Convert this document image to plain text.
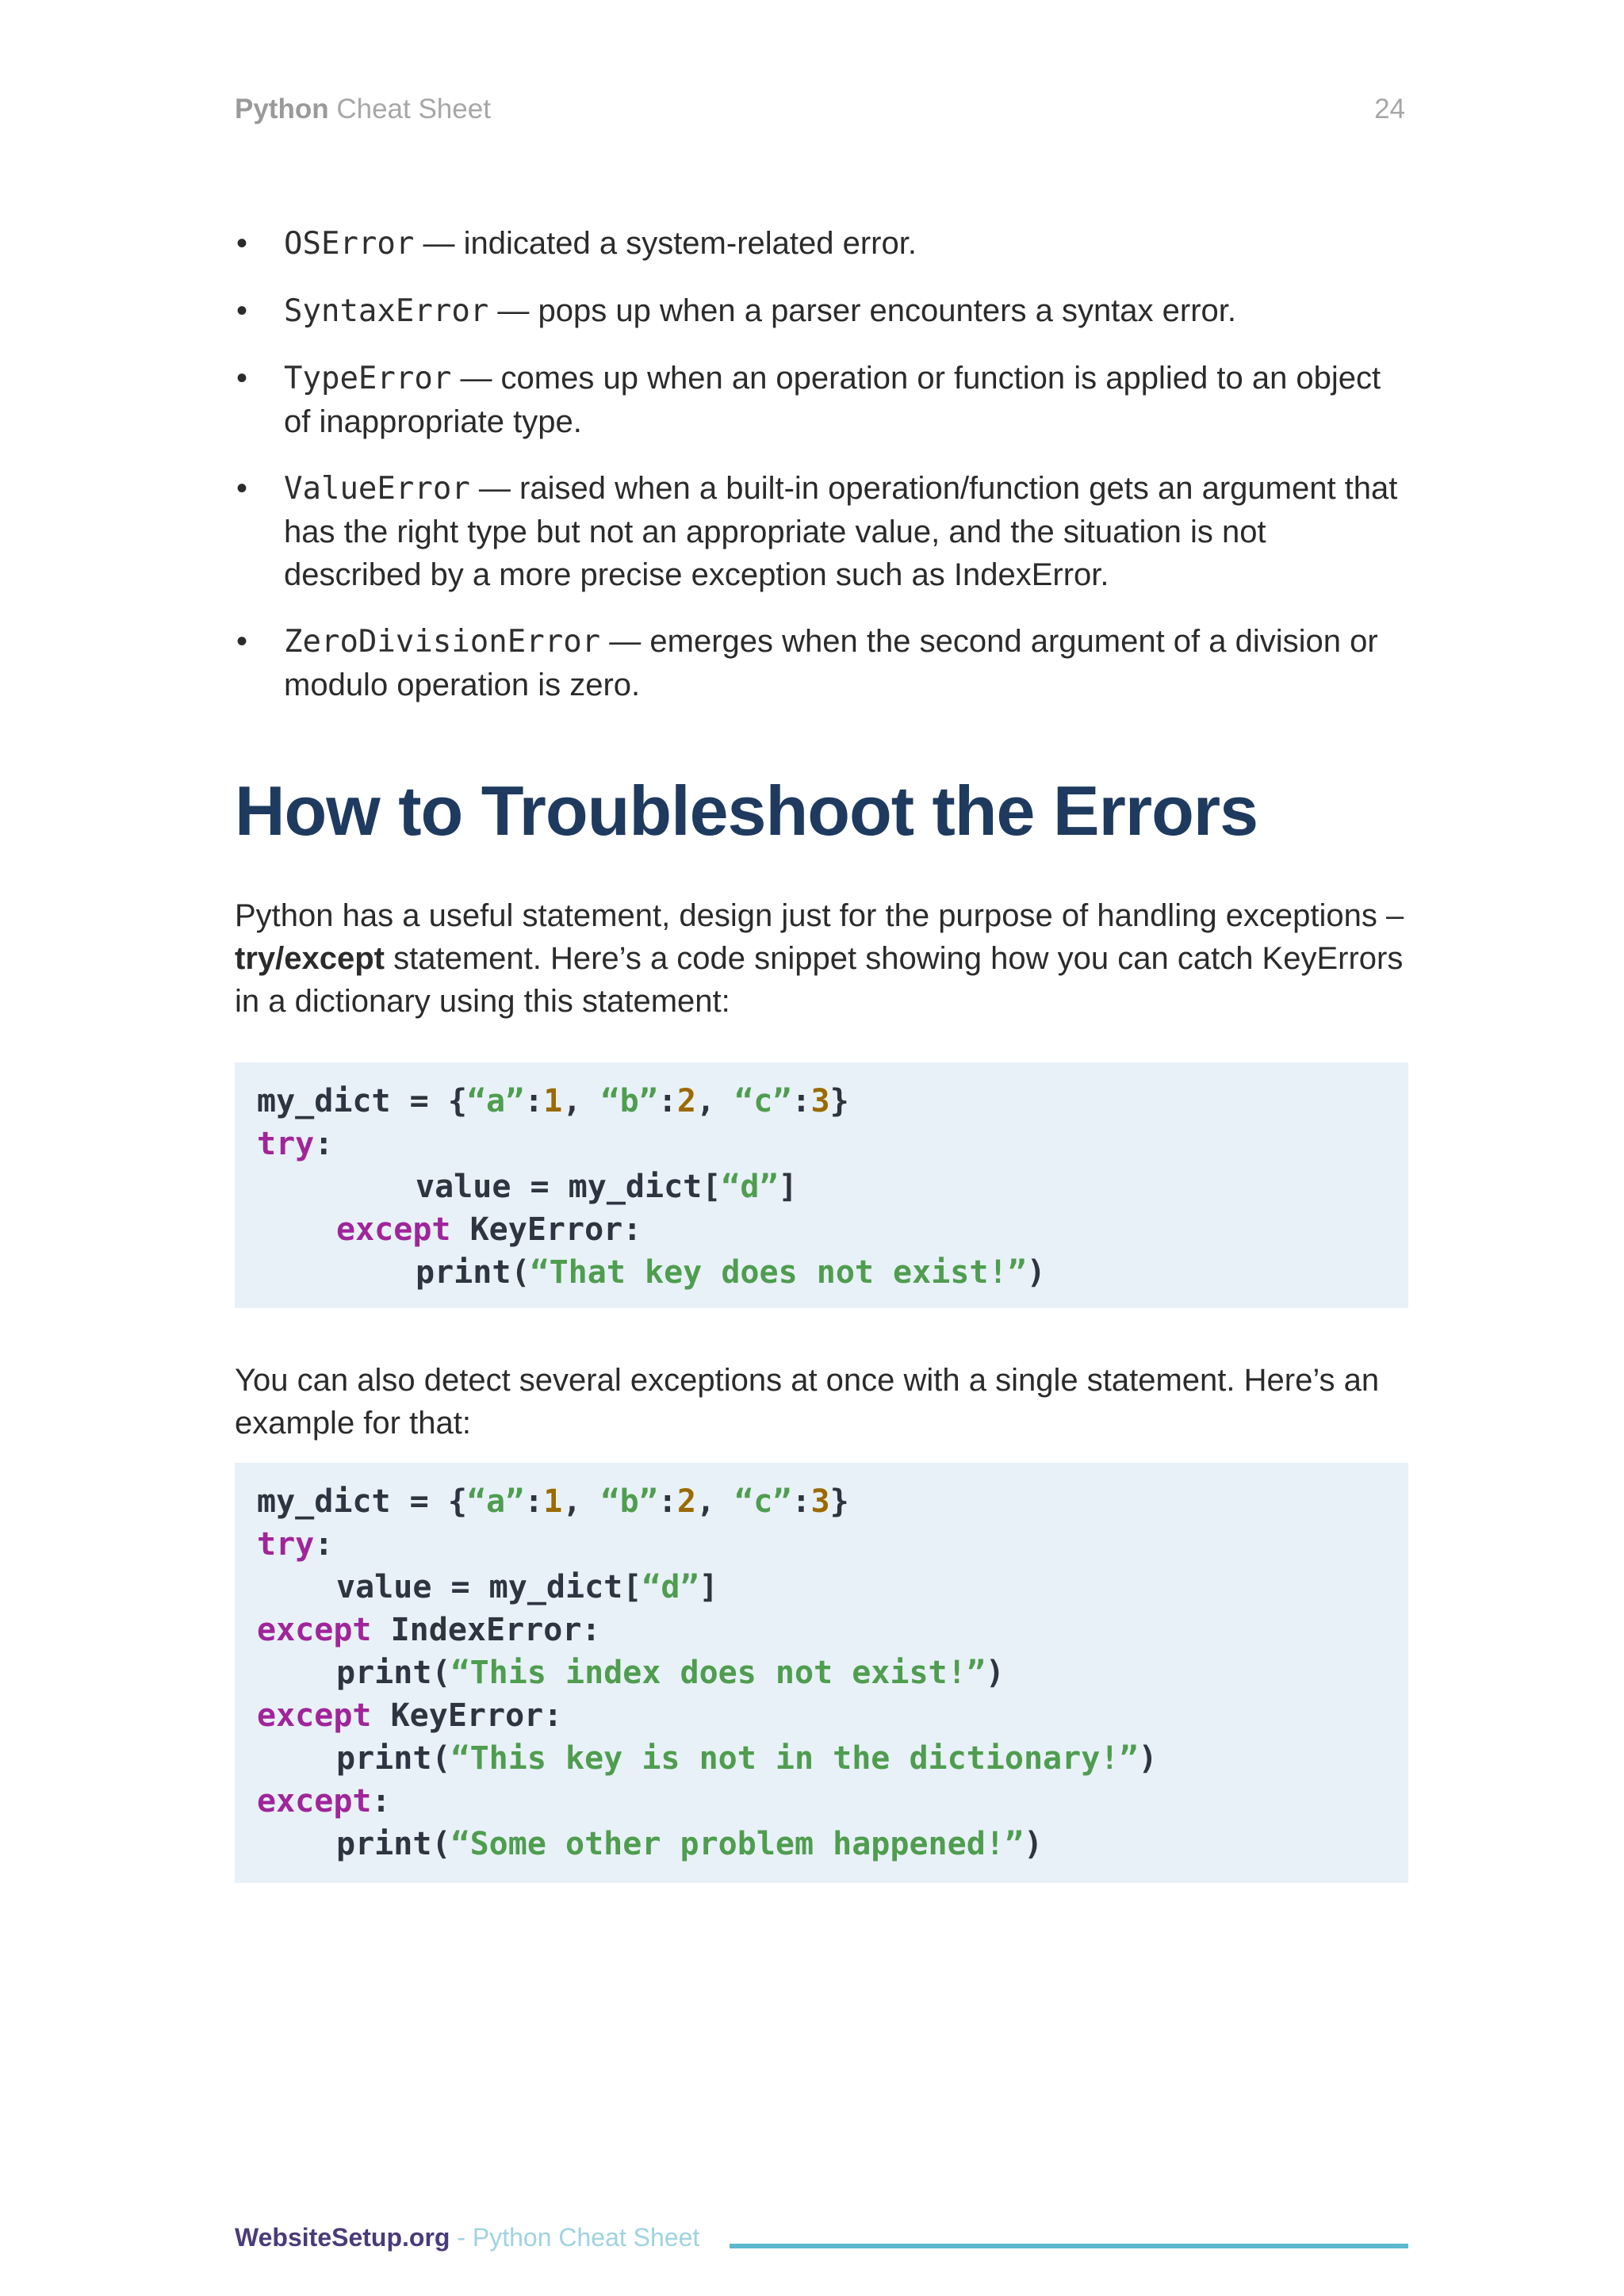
Python Cheat Sheet	24
• OSError — indicated a system-related error.
• SyntaxError — pops up when a parser encounters a syntax error.
• TypeError — comes up when an operation or function is applied to an object of inappropriate type.
• ValueError — raised when a built-in operation/function gets an argument that has the right type but not an appropriate value, and the situation is not described by a more precise exception such as IndexError.
• ZeroDivisionError — emerges when the second argument of a division or modulo operation is zero.
How to Troubleshoot the Errors

Python has a useful statement, design just for the purpose of handling exceptions – try/except statement. Here’s a code snippet showing how you can catch KeyErrors in a dictionary using this statement:

my_dict = {“a”:1, “b”:2, “c”:3}
try:
value = my_dict[“d”]
except KeyError:
print(“That key does not exist!”)

You can also detect several exceptions at once with a single statement. Here’s an example for that:

my_dict = {“a”:1, “b”:2, “c”:3}
try:
value = my_dict[“d”]
except IndexError:
print(“This index does not exist!”)
except KeyError:
print(“This key is not in the dictionary!”)
except:
print(“Some other problem happened!”)
WebsiteSetup.org - Python Cheat Sheet
